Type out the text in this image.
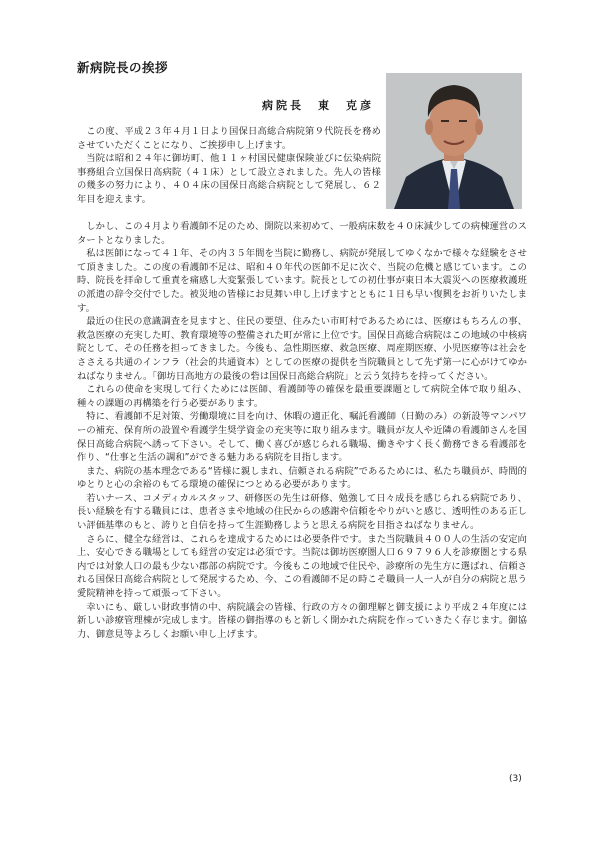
新病院長の挨拶
病院長　東　克彦

この度、平成２３年４月１日より国保日高総合病院第９代院長を務めさせていただくことになり、ご挨拶申し上げます。

当院は昭和２４年に御坊町、他１１ヶ村国民健康保険並びに伝染病院事務組合立国保日高病院（４１床）として設立されました。先人の皆様の幾多の努力により、４０４床の国保日高総合病院として発展し、６２年目を迎えます。

しかし、この４月より看護師不足のため、開院以来初めて、一般病床数を４０床減少しての病棟運営のスタートとなりました。

私は医師になって４１年、その内３５年間を当院に勤務し、病院が発展してゆくなかで様々な経験をさせて頂きました。この度の看護師不足は、昭和４０年代の医師不足に次ぐ、当院の危機と感じています。この時、院長を拝命して重責を痛感し大変緊張しています。院長としての初仕事が東日本大震災への医療救護班の派遣の辞令交付でした。被災地の皆様にお見舞い申し上げますとともに１日も早い復興をお祈りいたします。

最近の住民の意識調査を見ますと、住民の要望、住みたい市町村であるためには、医療はもちろんの事、救急医療の充実した町、教育環境等の整備された町が常に上位です。国保日高総合病院はこの地域の中核病院として、その任務を担ってきました。今後も、急性期医療、救急医療、周産期医療、小児医療等は社会をささえる共通のインフラ（社会的共通資本）としての医療の提供を当院職員として先ず第一に心がけてゆかねばなりません。「御坊日高地方の最後の砦は国保日高総合病院」と云う気持ちを持ってください。

これらの使命を実現して行くためには医師、看護師等の確保を最重要課題として病院全体で取り組み、種々の課題の再構築を行う必要があります。

特に、看護師不足対策、労働環境に目を向け、休暇の適正化、嘱託看護師（日勤のみ）の新設等マンパワーの補充、保育所の設置や看護学生奨学資金の充実等に取り組みます。職員が友人や近隣の看護師さんを国保日高総合病院へ誘って下さい。そして、働く喜びが感じられる職場、働きやすく長く勤務できる看護部を作り、“仕事と生活の調和”ができる魅力ある病院を目指します。

また、病院の基本理念である“皆様に親しまれ、信頼される病院”であるためには、私たち職員が、時間的ゆとりと心の余裕のもてる環境の確保につとめる必要があります。

若いナース、コメディカルスタッフ、研修医の先生は研修、勉強して日々成長を感じられる病院であり、長い経験を有する職員には、患者さまや地域の住民からの感謝や信頼をやりがいと感じ、透明性のある正しい評価基準のもと、誇りと自信を持って生涯勤務しようと思える病院を目指さねばなりません。

さらに、健全な経営は、これらを達成するためには必要条件です。また当院職員４００人の生活の安定向上、安心できる職場としても経営の安定は必須です。当院は御坊医療圏人口６９７９６人を診療圏とする県内では対象人口の最も少ない郡部の病院です。今後もこの地域で住民や、診療所の先生方に選ばれ、信頼される国保日高総合病院として発展するため、今、この看護師不足の時こそ職員一人一人が自分の病院と思う愛院精神を持って頑張って下さい。

幸いにも、厳しい財政事情の中、病院議会の皆様、行政の方々の御理解と御支援により平成２４年度には新しい診療管理棟が完成します。皆様の御指導のもと新しく開かれた病院を作っていきたく存じます。御協力、御意見等よろしくお願い申し上げます。

(3)
